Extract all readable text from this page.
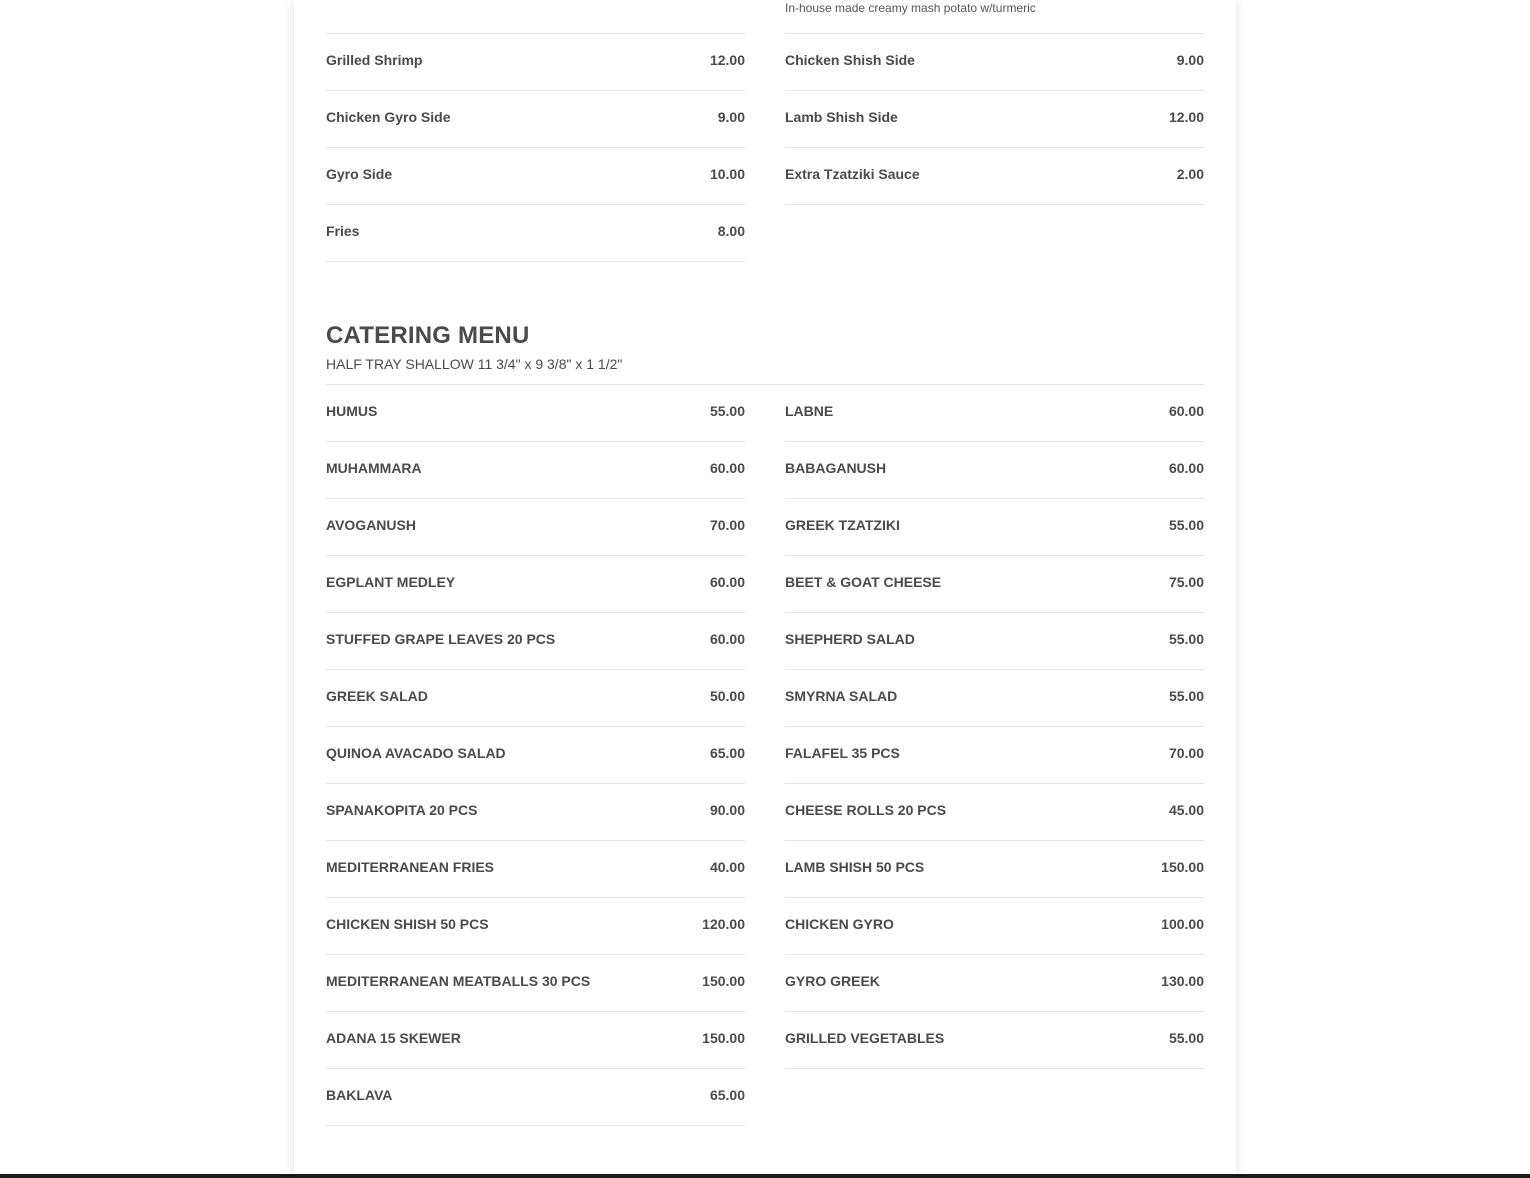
In-house made creamy mash potato w/turmeric
Grilled Shrimp	12.00
Chicken Gyro Side	9.00
Gyro Side	10.00
Fries	8.00
Chicken Shish Side	9.00
Lamb Shish Side	12.00
Extra Tzatziki Sauce	2.00
CATERING MENU
HALF TRAY SHALLOW 11 3/4" x 9 3/8" x 1 1/2"
HUMUS	55.00
MUHAMMARA	60.00
AVOGANUSH	70.00
EGPLANT MEDLEY	60.00
STUFFED GRAPE LEAVES 20 PCS	60.00
GREEK SALAD	50.00
QUINOA AVACADO SALAD	65.00
SPANAKOPITA 20 PCS	90.00
MEDITERRANEAN FRIES	40.00
CHICKEN SHISH 50 PCS	120.00
MEDITERRANEAN MEATBALLS 30 PCS	150.00
ADANA 15 SKEWER	150.00
BAKLAVA	65.00
LABNE	60.00
BABAGANUSH	60.00
GREEK TZATZIKI	55.00
BEET & GOAT CHEESE	75.00
SHEPHERD SALAD	55.00
SMYRNA SALAD	55.00
FALAFEL 35 PCS	70.00
CHEESE ROLLS 20 PCS	45.00
LAMB SHISH 50 PCS	150.00
CHICKEN GYRO	100.00
GYRO GREEK	130.00
GRILLED VEGETABLES	55.00
